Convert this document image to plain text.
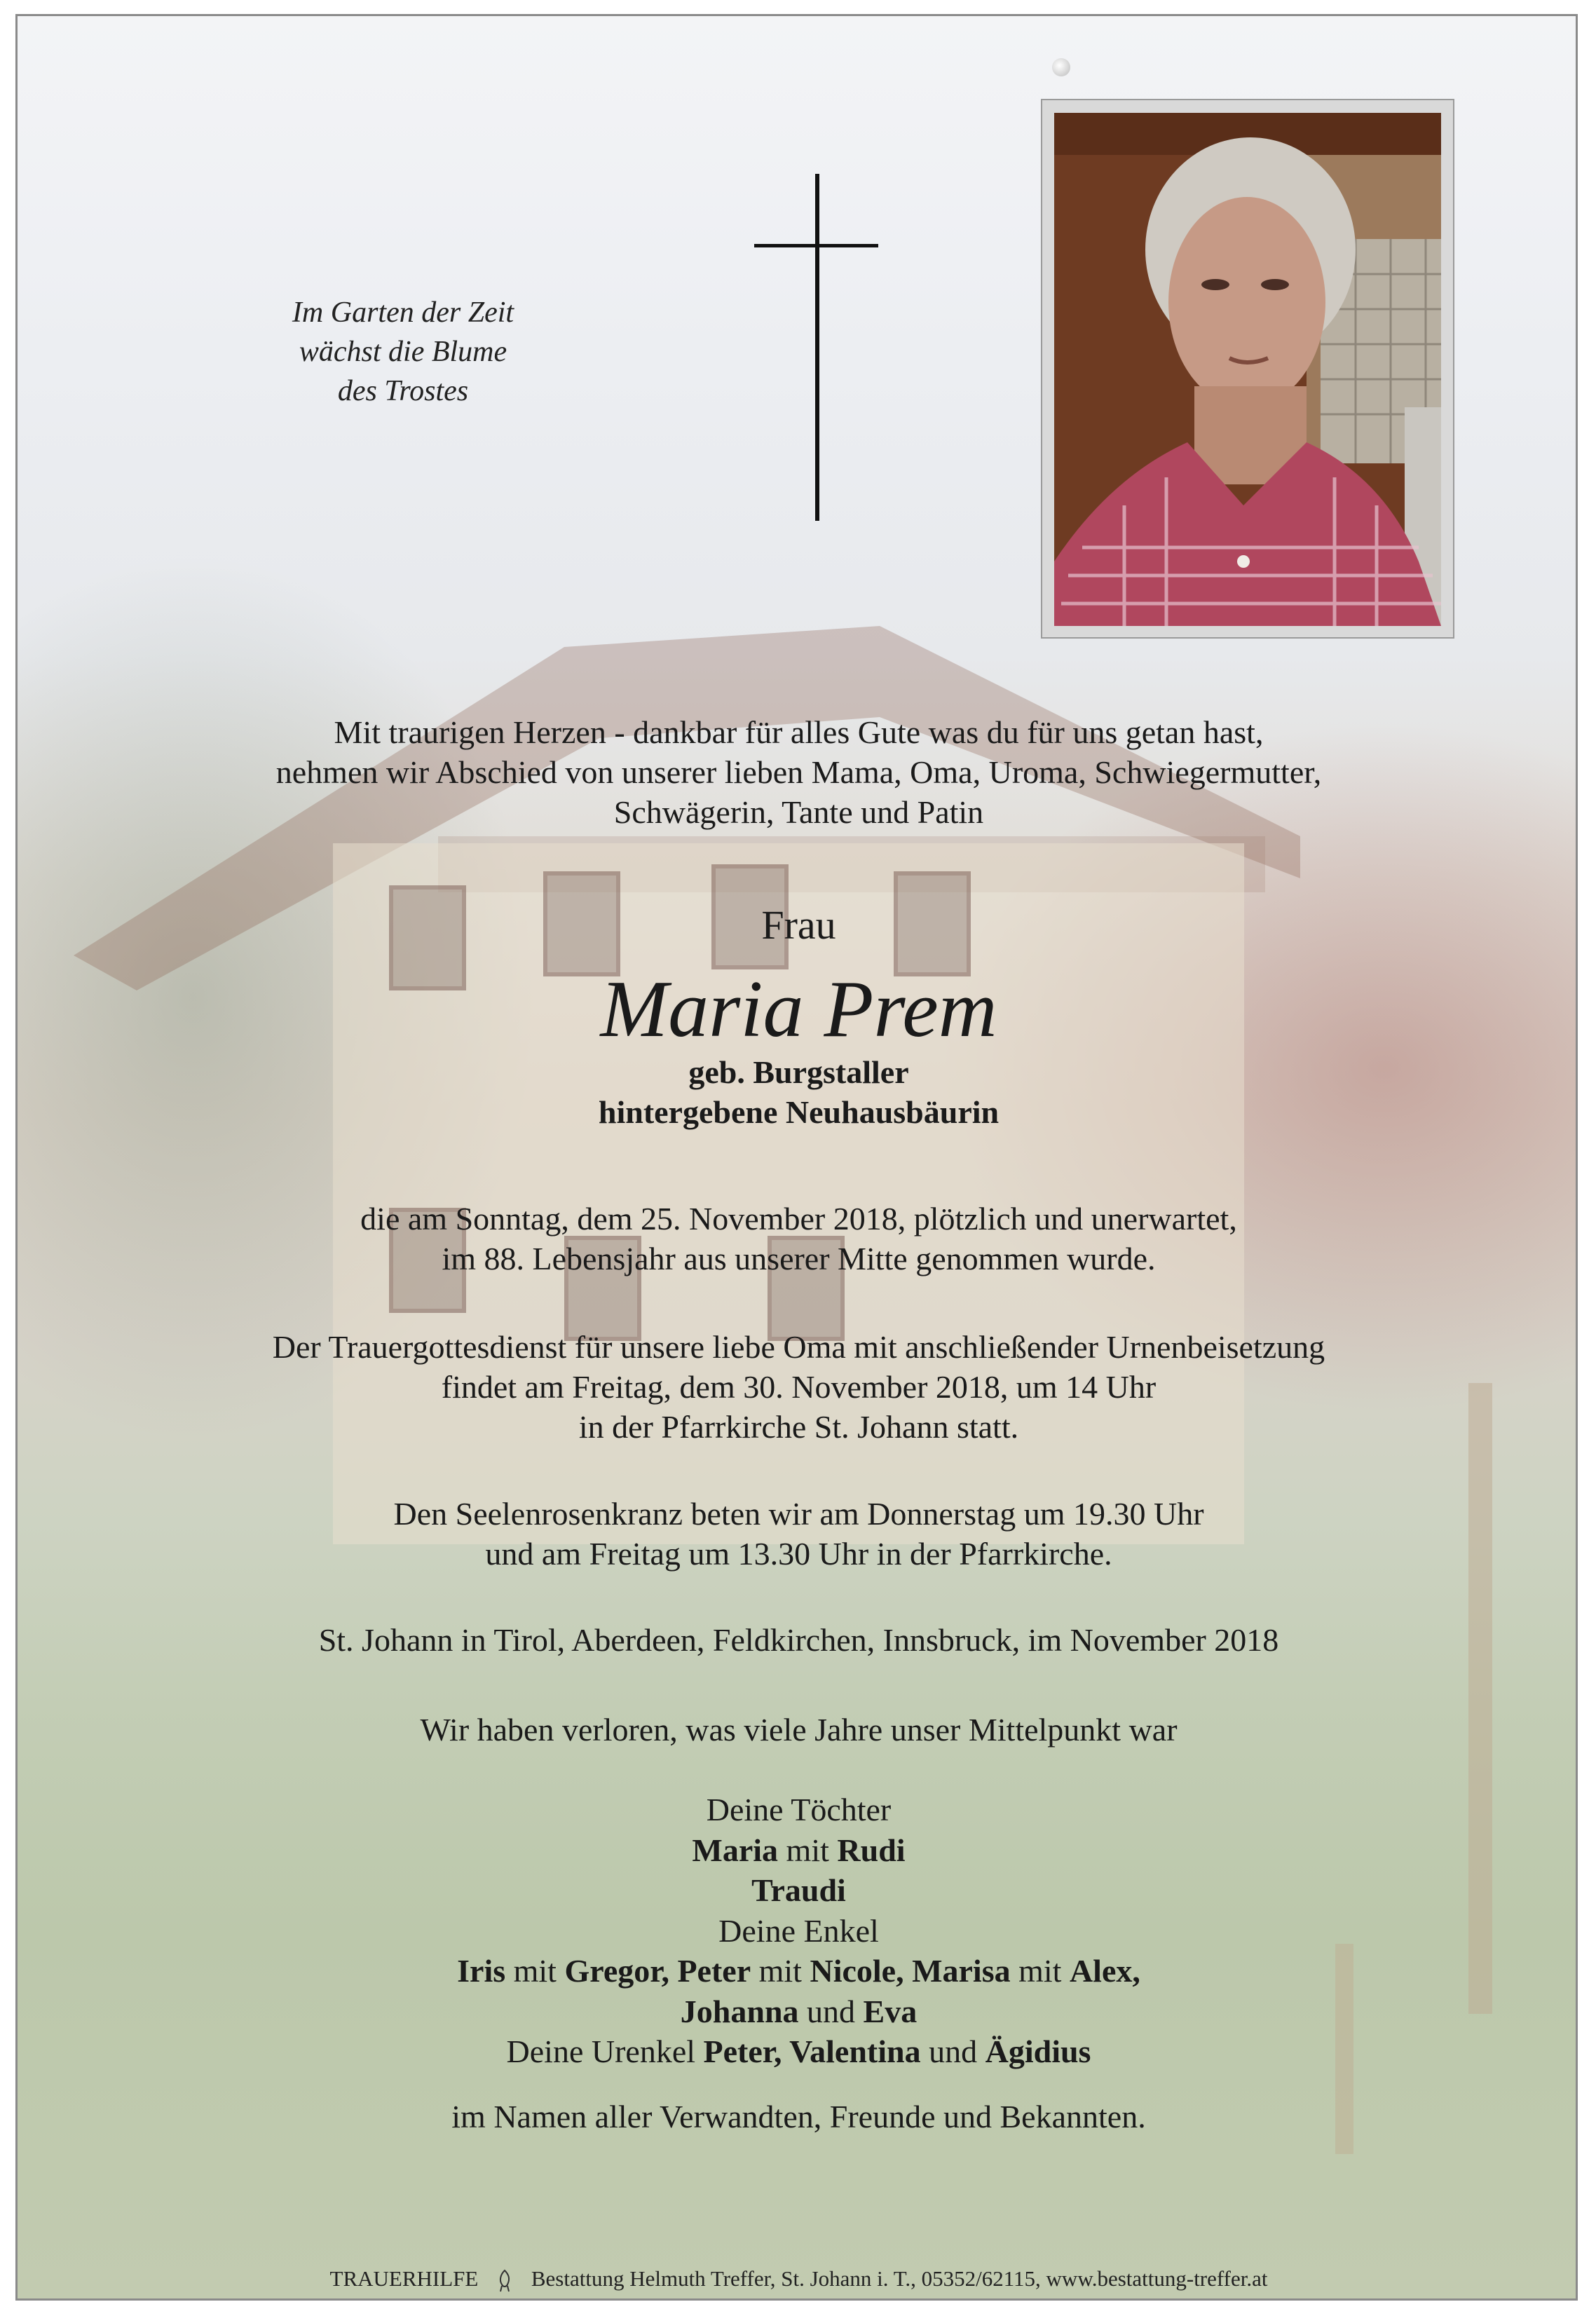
Im Garten der Zeit
wächst die Blume
des Trostes
Mit traurigen Herzen - dankbar für alles Gute was du für uns getan hast,
nehmen wir Abschied von unserer lieben Mama, Oma, Uroma, Schwiegermutter,
Schwägerin, Tante und Patin
Frau
Maria Prem
geb. Burgstaller
hintergebene Neuhausbäurin
die am Sonntag, dem 25. November 2018, plötzlich und unerwartet,
im 88. Lebensjahr aus unserer Mitte genommen wurde.
Der Trauergottesdienst für unsere liebe Oma mit anschließender Urnenbeisetzung
findet am Freitag, dem 30. November 2018, um 14 Uhr
in der Pfarrkirche St. Johann statt.
Den Seelenrosenkranz beten wir am Donnerstag um 19.30 Uhr
und am Freitag um 13.30 Uhr in der Pfarrkirche.
St. Johann in Tirol, Aberdeen, Feldkirchen, Innsbruck, im November 2018
Wir haben verloren, was viele Jahre unser Mittelpunkt war
Deine Töchter
Maria mit Rudi
Traudi
Deine Enkel
Iris mit Gregor, Peter mit Nicole, Marisa mit Alex,
Johanna und Eva
Deine Urenkel Peter, Valentina und Ägidius
im Namen aller Verwandten, Freunde und Bekannten.
TRAUERHILFE Bestattung Helmuth Treffer, St. Johann i. T., 05352/62115, www.bestattung-treffer.at
